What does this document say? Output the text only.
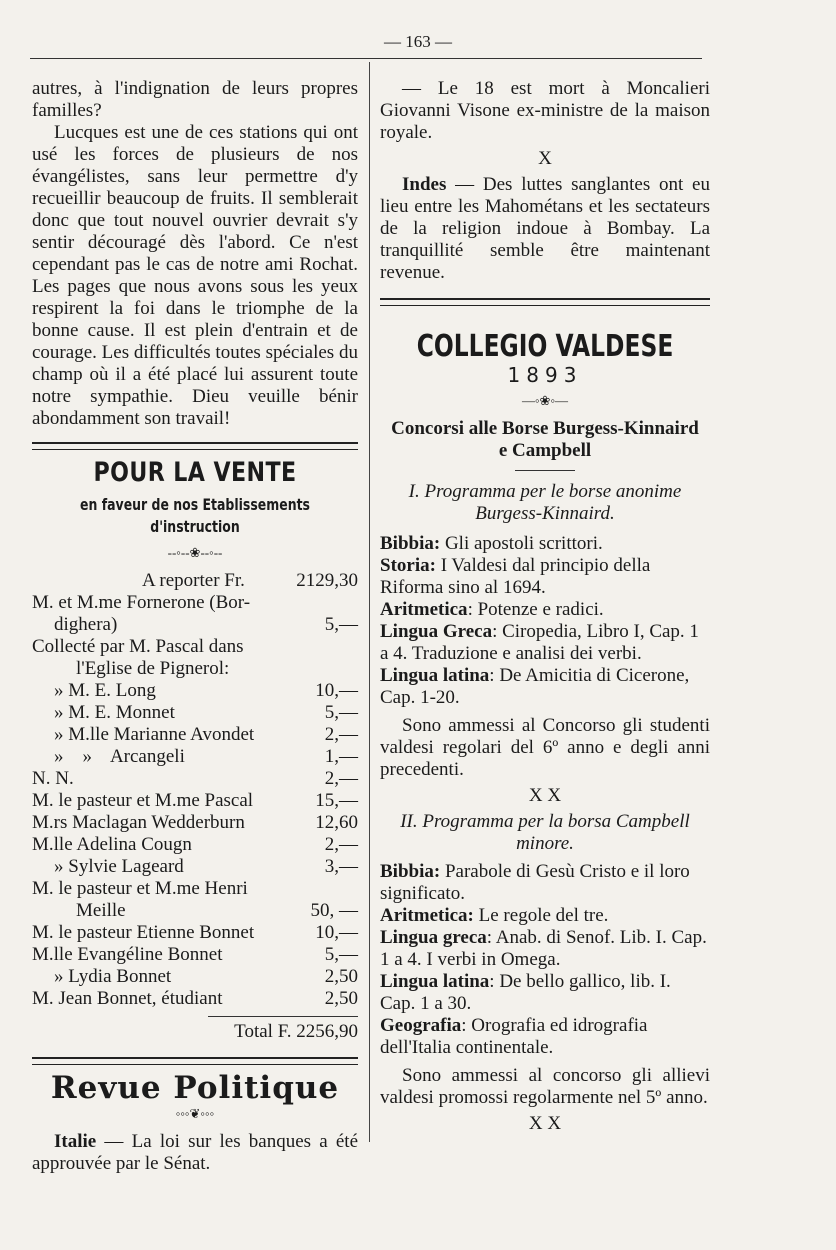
— 163 —

autres, à l'indignation de leurs propres familles?

Lucques est une de ces stations qui ont usé les forces de plusieurs de nos évangélistes, sans leur permettre d'y recueillir beaucoup de fruits. Il semblerait donc que tout nouvel ouvrier devrait s'y sentir découragé dès l'abord. Ce n'est cependant pas le cas de notre ami Rochat. Les pages que nous avons sous les yeux respirent la foi dans le triomphe de la bonne cause. Il est plein d'entrain et de courage. Les difficultés toutes spéciales du champ où il a été placé lui assurent toute notre sympathie. Dieu veuille bénir abondamment son travail!

POUR LA VENTE
en faveur de nos Etablissements d'instruction
‑‑◦‑‑❀‑‑◦‑‑
A reporter Fr.	2129,30
M. et M.me Fornerone (Bor-
dighera)	5,—
Collecté par M. Pascal dans
l'Eglise de Pignerol:
» M. E. Long	10,—
» M. E. Monnet	5,—
» M.lle Marianne Avondet	2,—
»    »    Arcangeli	1,—
N. N.	2,—
M. le pasteur et M.me Pascal	15,—
M.rs Maclagan Wedderburn	12,60
M.lle Adelina Cougn	2,—
» Sylvie Lageard	3,—
M. le pasteur et M.me Henri
Meille	50, —
M. le pasteur Etienne Bonnet	10,—
M.lle Evangéline Bonnet	5,—
» Lydia Bonnet	2,50
M. Jean Bonnet, étudiant	2,50
Total F. 2256,90
Revue Politique
◦◦◦❦◦◦◦

Italie — La loi sur les banques a été approuvée par le Sénat.

— Le 18 est mort à Moncalieri Giovanni Visone ex-ministre de la maison royale.

X

Indes — Des luttes sanglantes ont eu lieu entre les Mahométans et les sectateurs de la religion indoue à Bombay. La tranquillité semble être maintenant revenue.

COLLEGIO VALDESE
1893
—◦❀◦—

Concorsi alle Borse Burgess-Kinnaird e Campbell

I. Programma per le borse anonime Burgess-Kinnaird.

Bibbia: Gli apostoli scrittori.

Storia: I Valdesi dal principio della Riforma sino al 1694.

Aritmetica: Potenze e radici.

Lingua Greca: Ciropedia, Libro I, Cap. 1 a 4. Traduzione e analisi dei verbi.

Lingua latina: De Amicitia di Cicerone, Cap. 1-20.

Sono ammessi al Concorso gli studenti valdesi regolari del 6º anno e degli anni precedenti.

X X

II. Programma per la borsa Campbell minore.

Bibbia: Parabole di Gesù Cristo e il loro significato.

Aritmetica: Le regole del tre.

Lingua greca: Anab. di Senof. Lib. I. Cap. 1 a 4. I verbi in Omega.

Lingua latina: De bello gallico, lib. I. Cap. 1 a 30.

Geografia: Orografia ed idrografia dell'Italia continentale.

Sono ammessi al concorso gli allievi valdesi promossi regolarmente nel 5º anno.

X X
